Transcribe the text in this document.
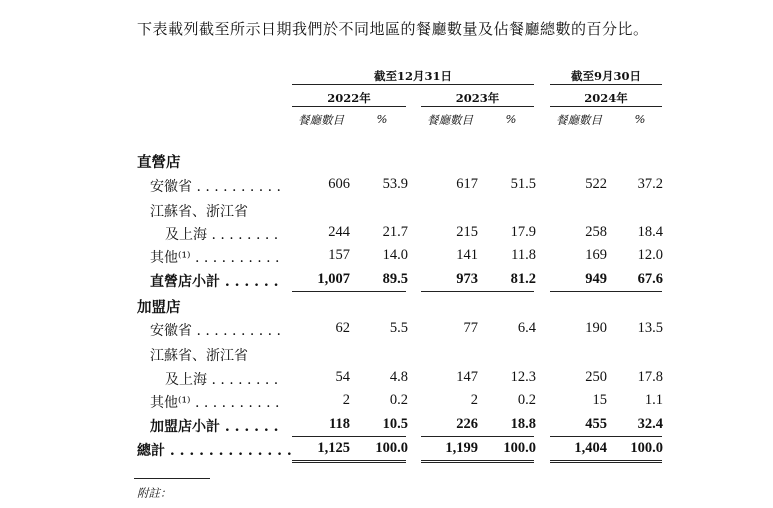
下表載列截至所示日期我們於不同地區的餐廳數量及佔餐廳總數的百分比。
截至12月31日	截至9月30日
2022年	2023年	2024年
餐廳數目	%	餐廳數目	%	餐廳數目	%
直營店
安徽省 . . . . . . . . . .	606	53.9	617	51.5	522	37.2
江蘇省、浙江省
及上海 . . . . . . . .	244	21.7	215	17.9	258	18.4
其他⁽¹⁾ . . . . . . . . . .	157	14.0	141	11.8	169	12.0
直營店小計 . . . . . .	1,007	89.5	973	81.2	949	67.6
加盟店
安徽省 . . . . . . . . . .	62	5.5	77	6.4	190	13.5
江蘇省、浙江省
及上海 . . . . . . . .	54	4.8	147	12.3	250	17.8
其他⁽¹⁾ . . . . . . . . . .	2	0.2	2	0.2	15	1.1
加盟店小計 . . . . . .	118	10.5	226	18.8	455	32.4
總計 . . . . . . . . . . . . .	1,125	100.0	1,199	100.0	1,404	100.0
附註：
